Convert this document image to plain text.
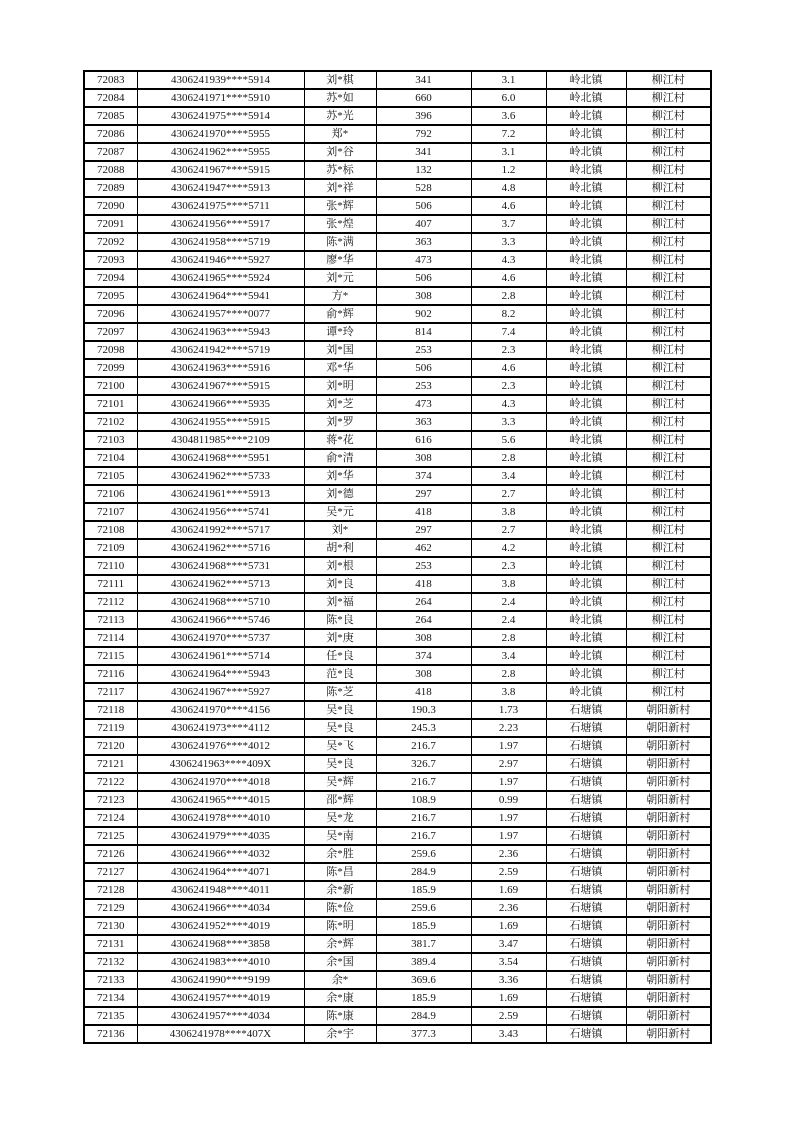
72083	4306241939****5914	刘*棋	341	3.1	岭北镇	柳江村
72084	4306241971****5910	苏*如	660	6.0	岭北镇	柳江村
72085	4306241975****5914	苏*光	396	3.6	岭北镇	柳江村
72086	4306241970****5955	郑*	792	7.2	岭北镇	柳江村
72087	4306241962****5955	刘*谷	341	3.1	岭北镇	柳江村
72088	4306241967****5915	苏*标	132	1.2	岭北镇	柳江村
72089	4306241947****5913	刘*祥	528	4.8	岭北镇	柳江村
72090	4306241975****5711	张*辉	506	4.6	岭北镇	柳江村
72091	4306241956****5917	张*煌	407	3.7	岭北镇	柳江村
72092	4306241958****5719	陈*满	363	3.3	岭北镇	柳江村
72093	4306241946****5927	廖*华	473	4.3	岭北镇	柳江村
72094	4306241965****5924	刘*元	506	4.6	岭北镇	柳江村
72095	4306241964****5941	方*	308	2.8	岭北镇	柳江村
72096	4306241957****0077	俞*辉	902	8.2	岭北镇	柳江村
72097	4306241963****5943	谭*玲	814	7.4	岭北镇	柳江村
72098	4306241942****5719	刘*国	253	2.3	岭北镇	柳江村
72099	4306241963****5916	邓*华	506	4.6	岭北镇	柳江村
72100	4306241967****5915	刘*明	253	2.3	岭北镇	柳江村
72101	4306241966****5935	刘*芝	473	4.3	岭北镇	柳江村
72102	4306241955****5915	刘*罗	363	3.3	岭北镇	柳江村
72103	4304811985****2109	蒋*花	616	5.6	岭北镇	柳江村
72104	4306241968****5951	俞*清	308	2.8	岭北镇	柳江村
72105	4306241962****5733	刘*华	374	3.4	岭北镇	柳江村
72106	4306241961****5913	刘*德	297	2.7	岭北镇	柳江村
72107	4306241956****5741	吴*元	418	3.8	岭北镇	柳江村
72108	4306241992****5717	刘*	297	2.7	岭北镇	柳江村
72109	4306241962****5716	胡*利	462	4.2	岭北镇	柳江村
72110	4306241968****5731	刘*根	253	2.3	岭北镇	柳江村
72111	4306241962****5713	刘*良	418	3.8	岭北镇	柳江村
72112	4306241968****5710	刘*福	264	2.4	岭北镇	柳江村
72113	4306241966****5746	陈*良	264	2.4	岭北镇	柳江村
72114	4306241970****5737	刘*庚	308	2.8	岭北镇	柳江村
72115	4306241961****5714	任*良	374	3.4	岭北镇	柳江村
72116	4306241964****5943	范*良	308	2.8	岭北镇	柳江村
72117	4306241967****5927	陈*芝	418	3.8	岭北镇	柳江村
72118	4306241970****4156	吴*良	190.3	1.73	石塘镇	朝阳新村
72119	4306241973****4112	吴*良	245.3	2.23	石塘镇	朝阳新村
72120	4306241976****4012	吴*飞	216.7	1.97	石塘镇	朝阳新村
72121	4306241963****409X	吴*良	326.7	2.97	石塘镇	朝阳新村
72122	4306241970****4018	吴*辉	216.7	1.97	石塘镇	朝阳新村
72123	4306241965****4015	邵*辉	108.9	0.99	石塘镇	朝阳新村
72124	4306241978****4010	吴*龙	216.7	1.97	石塘镇	朝阳新村
72125	4306241979****4035	吴*南	216.7	1.97	石塘镇	朝阳新村
72126	4306241966****4032	余*胜	259.6	2.36	石塘镇	朝阳新村
72127	4306241964****4071	陈*昌	284.9	2.59	石塘镇	朝阳新村
72128	4306241948****4011	余*新	185.9	1.69	石塘镇	朝阳新村
72129	4306241966****4034	陈*俭	259.6	2.36	石塘镇	朝阳新村
72130	4306241952****4019	陈*明	185.9	1.69	石塘镇	朝阳新村
72131	4306241968****3858	余*辉	381.7	3.47	石塘镇	朝阳新村
72132	4306241983****4010	余*国	389.4	3.54	石塘镇	朝阳新村
72133	4306241990****9199	余*	369.6	3.36	石塘镇	朝阳新村
72134	4306241957****4019	余*康	185.9	1.69	石塘镇	朝阳新村
72135	4306241957****4034	陈*康	284.9	2.59	石塘镇	朝阳新村
72136	4306241978****407X	余*宇	377.3	3.43	石塘镇	朝阳新村
